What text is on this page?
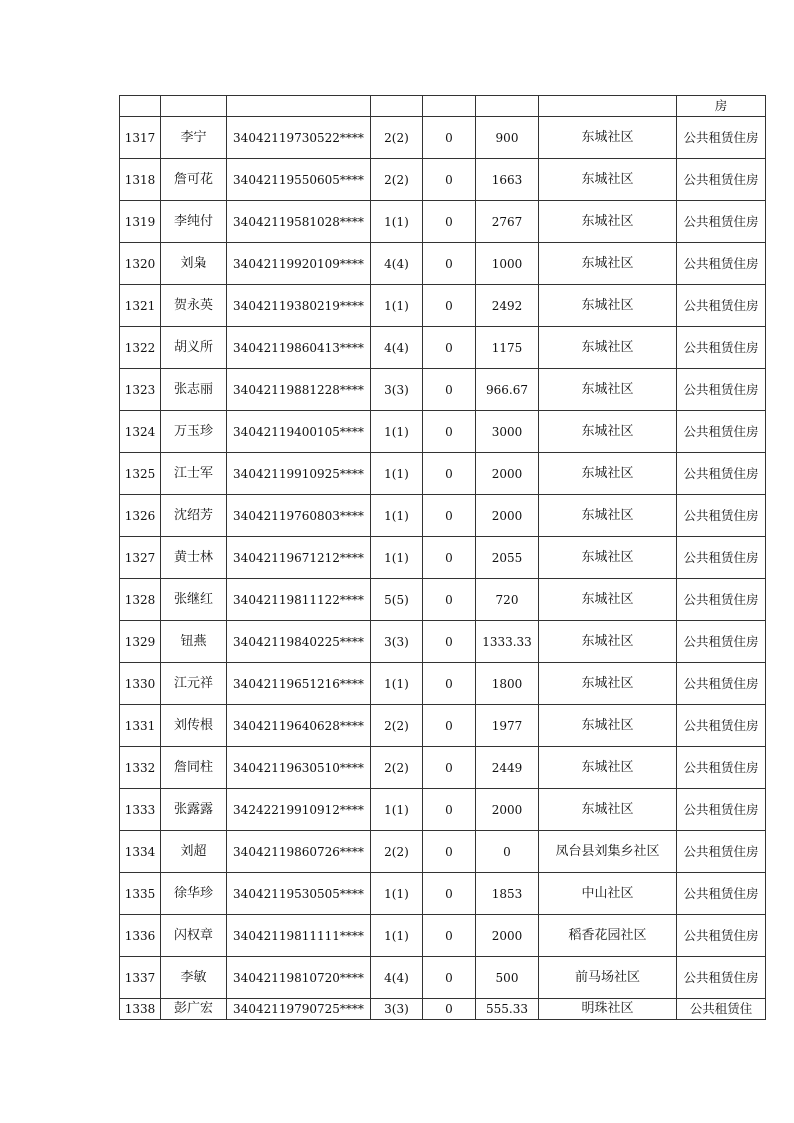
							房
1317	李宁	34042119730522****	2(2)	0	900	东城社区	公共租赁住房
1318	詹可花	34042119550605****	2(2)	0	1663	东城社区	公共租赁住房
1319	李纯付	34042119581028****	1(1)	0	2767	东城社区	公共租赁住房
1320	刘枭	34042119920109****	4(4)	0	1000	东城社区	公共租赁住房
1321	贺永英	34042119380219****	1(1)	0	2492	东城社区	公共租赁住房
1322	胡义所	34042119860413****	4(4)	0	1175	东城社区	公共租赁住房
1323	张志丽	34042119881228****	3(3)	0	966.67	东城社区	公共租赁住房
1324	万玉珍	34042119400105****	1(1)	0	3000	东城社区	公共租赁住房
1325	江士军	34042119910925****	1(1)	0	2000	东城社区	公共租赁住房
1326	沈绍芳	34042119760803****	1(1)	0	2000	东城社区	公共租赁住房
1327	黄士林	34042119671212****	1(1)	0	2055	东城社区	公共租赁住房
1328	张继红	34042119811122****	5(5)	0	720	东城社区	公共租赁住房
1329	钮燕	34042119840225****	3(3)	0	1333.33	东城社区	公共租赁住房
1330	江元祥	34042119651216****	1(1)	0	1800	东城社区	公共租赁住房
1331	刘传根	34042119640628****	2(2)	0	1977	东城社区	公共租赁住房
1332	詹同柱	34042119630510****	2(2)	0	2449	东城社区	公共租赁住房
1333	张露露	34242219910912****	1(1)	0	2000	东城社区	公共租赁住房
1334	刘超	34042119860726****	2(2)	0	0	凤台县刘集乡社区	公共租赁住房
1335	徐华珍	34042119530505****	1(1)	0	1853	中山社区	公共租赁住房
1336	闪权章	34042119811111****	1(1)	0	2000	稻香花园社区	公共租赁住房
1337	李敏	34042119810720****	4(4)	0	500	前马场社区	公共租赁住房
1338	彭广宏	34042119790725****	3(3)	0	555.33	明珠社区	公共租赁住
